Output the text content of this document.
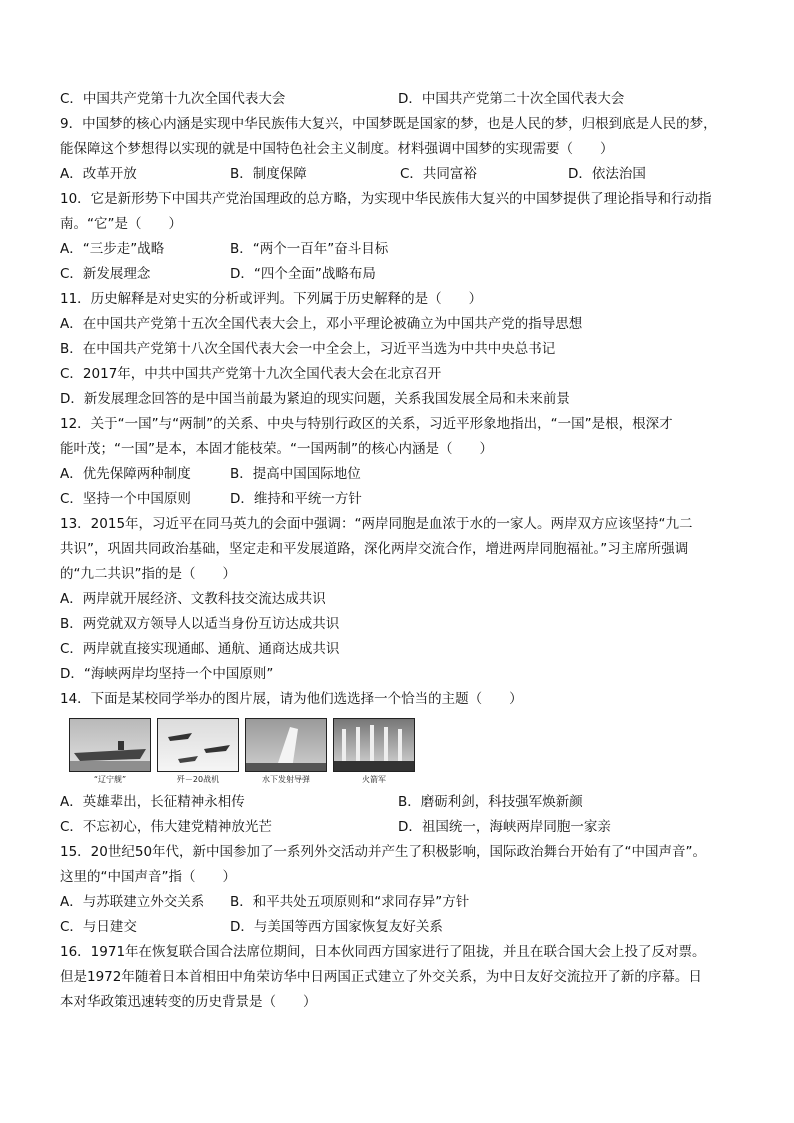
C．中国共产党第十九次全国代表大会	D．中国共产党第二十次全国代表大会
9．中国梦的核心内涵是实现中华民族伟大复兴，中国梦既是国家的梦，也是人民的梦，归根到底是人民的梦，
能保障这个梦想得以实现的就是中国特色社会主义制度。材料强调中国梦的实现需要（　　）
A．改革开放	B．制度保障	C．共同富裕	D．依法治国
10．它是新形势下中国共产党治国理政的总方略，为实现中华民族伟大复兴的中国梦提供了理论指导和行动指
南。“它”是（　　）
A．“三步走”战略	B．“两个一百年”奋斗目标
C．新发展理念	D．“四个全面”战略布局
11．历史解释是对史实的分析或评判。下列属于历史解释的是（　　）
A．在中国共产党第十五次全国代表大会上，邓小平理论被确立为中国共产党的指导思想
B．在中国共产党第十八次全国代表大会一中全会上，习近平当选为中共中央总书记
C．2017年，中共中国共产党第十九次全国代表大会在北京召开
D．新发展理念回答的是中国当前最为紧迫的现实问题，关系我国发展全局和未来前景
12．关于“一国”与“两制”的关系、中央与特别行政区的关系，习近平形象地指出，“一国”是根，根深才
能叶茂；“一国”是本，本固才能枝荣。“一国两制”的核心内涵是（　　）
A．优先保障两种制度	B．提高中国国际地位
C．坚持一个中国原则	D．维持和平统一方针
13．2015年，习近平在同马英九的会面中强调：“两岸同胞是血浓于水的一家人。两岸双方应该坚持“九二
共识”，巩固共同政治基础，坚定走和平发展道路，深化两岸交流合作，增进两岸同胞福祉。”习主席所强调
的“九二共识”指的是（　　）
A．两岸就开展经济、文教科技交流达成共识
B．两党就双方领导人以适当身份互访达成共识
C．两岸就直接实现通邮、通航、通商达成共识
D．“海峡两岸均坚持一个中国原则”
14．下面是某校同学举办的图片展，请为他们选选择一个恰当的主题（　　）
“辽宁舰”	歼－20战机	水下发射导弹	火箭军
A．英雄辈出，长征精神永相传	B．磨砺利剑，科技强军焕新颜
C．不忘初心，伟大建党精神放光芒	D．祖国统一，海峡两岸同胞一家亲
15．20世纪50年代，新中国参加了一系列外交活动并产生了积极影响，国际政治舞台开始有了“中国声音”。
这里的“中国声音”指（　　）
A．与苏联建立外交关系 B．和平共处五项原则和“求同存异”方针
C．与日建交	D．与美国等西方国家恢复友好关系
16．1971年在恢复联合国合法席位期间，日本伙同西方国家进行了阻拢，并且在联合国大会上投了反对票。
但是1972年随着日本首相田中角荣访华中日两国正式建立了外交关系，为中日友好交流拉开了新的序幕。日
本对华政策迅速转变的历史背景是（　　）
